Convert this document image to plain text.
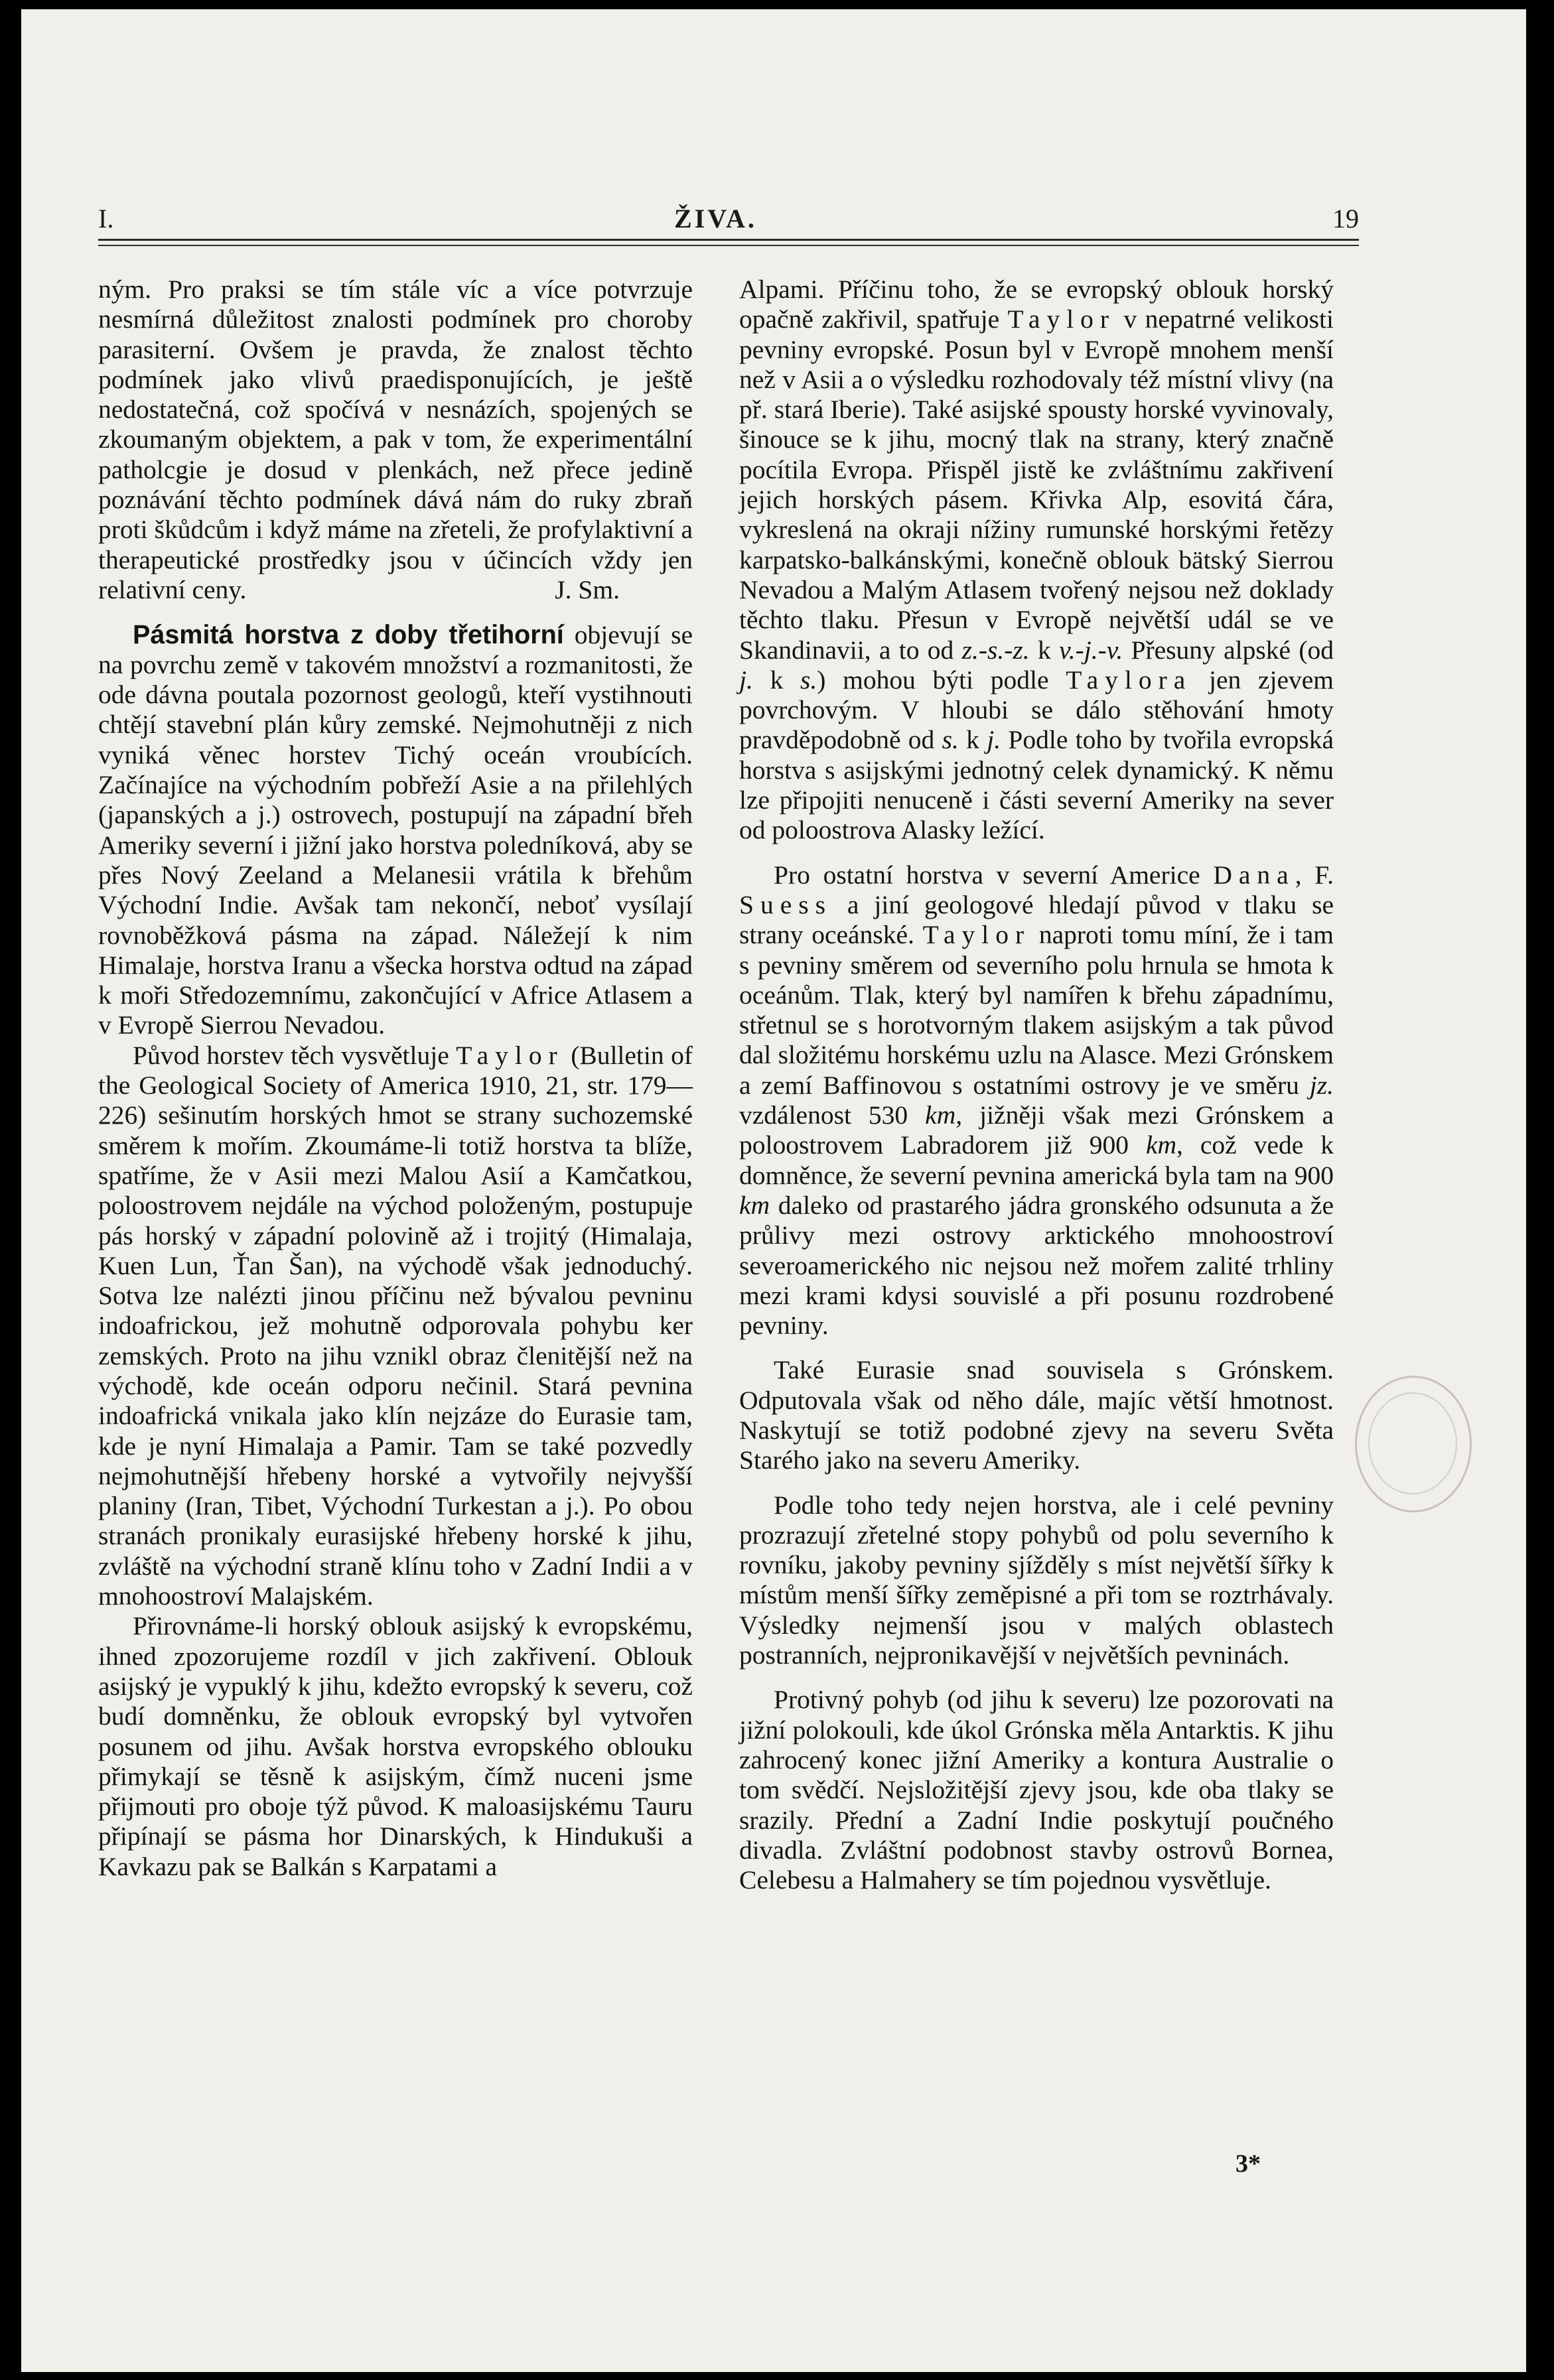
I.	ŽIVA.	19

ným. Pro praksi se tím stále víc a více potvrzuje nesmírná důležitost znalosti podmínek pro choroby parasiterní. Ovšem je pravda, že znalost těchto podmínek jako vlivů praedisponujících, je ještě nedostatečná, což spočívá v nesnázích, spojených se zkoumaným objektem, a pak v tom, že experimentální patholcgie je dosud v plenkách, než přece jedině poznávání těchto podmínek dává nám do ruky zbraň proti škůdcům i když máme na zřeteli, že profylaktivní a therapeutické prostředky jsou v účincích vždy jen relativní ceny.	J. Sm.

Pásmitá horstva z doby třetihorní objevují se na povrchu země v takovém množství a rozmanitosti, že ode dávna poutala pozornost geologů, kteří vystihnouti chtějí stavební plán kůry zemské. Nejmohutněji z nich vyniká věnec horstev Tichý oceán vroubících. Začínajíce na východním pobřeží Asie a na přilehlých (japanských a j.) ostrovech, postupují na západní břeh Ameriky severní i jižní jako horstva poledníková, aby se přes Nový Zeeland a Melanesii vrátila k břehům Východní Indie. Avšak tam nekončí, neboť vysílají rovnoběžková pásma na západ. Náležejí k nim Himalaje, horstva Iranu a všecka horstva odtud na západ k moři Středozemnímu, zakončující v Africe Atlasem a v Evropě Sierrou Nevadou.

Původ horstev těch vysvětluje Taylor (Bulletin of the Geological Society of America 1910, 21, str. 179—226) sešinutím horských hmot se strany suchozemské směrem k mořím. Zkoumáme-li totiž horstva ta blíže, spatříme, že v Asii mezi Malou Asií a Kamčatkou, poloostrovem nejdále na východ položeným, postupuje pás horský v západní polovině až i trojitý (Himalaja, Kuen Lun, Ťan Šan), na východě však jednoduchý. Sotva lze nalézti jinou příčinu než bývalou pevninu indoafrickou, jež mohutně odporovala pohybu ker zemských. Proto na jihu vznikl obraz členitější než na východě, kde oceán odporu nečinil. Stará pevnina indoafrická vnikala jako klín nejzáze do Eurasie tam, kde je nyní Himalaja a Pamir. Tam se také pozvedly nejmohutnější hřebeny horské a vytvořily nejvyšší planiny (Iran, Tibet, Východní Turkestan a j.). Po obou stranách pronikaly eurasijské hřebeny horské k jihu, zvláště na východní straně klínu toho v Zadní Indii a v mnohoostroví Malajském.

Přirovnáme-li horský oblouk asijský k evropskému, ihned zpozorujeme rozdíl v jich zakřivení. Oblouk asijský je vypuklý k jihu, kdežto evropský k severu, což budí domněnku, že oblouk evropský byl vytvořen posunem od jihu. Avšak horstva evropského oblouku přimykají se těsně k asijským, čímž nuceni jsme přijmouti pro oboje týž původ. K maloasijskému Tauru připínají se pásma hor Dinarských, k Hindukuši a Kavkazu pak se Balkán s Karpatami a

Alpami. Příčinu toho, že se evropský oblouk horský opačně zakřivil, spatřuje Taylor v nepatrné velikosti pevniny evropské. Posun byl v Evropě mnohem menší než v Asii a o výsledku rozhodovaly též místní vlivy (na př. stará Iberie). Také asijské spousty horské vyvinovaly, šinouce se k jihu, mocný tlak na strany, který značně pocítila Evropa. Přispěl jistě ke zvláštnímu zakřivení jejich horských pásem. Křivka Alp, esovitá čára, vykreslená na okraji nížiny rumunské horskými řetězy karpatsko-balkánskými, konečně oblouk bätský Sierrou Nevadou a Malým Atlasem tvořený nejsou než doklady těchto tlaku. Přesun v Evropě největší udál se ve Skandinavii, a to od z.-s.-z. k v.-j.-v. Přesuny alpské (od j. k s.) mohou býti podle Taylora jen zjevem povrchovým. V hloubi se dálo stěhování hmoty pravděpodobně od s. k j. Podle toho by tvořila evropská horstva s asijskými jednotný celek dynamický. K němu lze připojiti nenuceně i části severní Ameriky na sever od poloostrova Alasky ležící.

Pro ostatní horstva v severní Americe Dana, F. Suess a jiní geologové hledají původ v tlaku se strany oceánské. Taylor naproti tomu míní, že i tam s pevniny směrem od severního polu hrnula se hmota k oceánům. Tlak, který byl namířen k břehu západnímu, střetnul se s horotvorným tlakem asijským a tak původ dal složitému horskému uzlu na Alasce. Mezi Grónskem a zemí Baffinovou s ostatními ostrovy je ve směru jz. vzdálenost 530 km, jižněji však mezi Grónskem a poloostrovem Labradorem již 900 km, což vede k domněnce, že severní pevnina americká byla tam na 900 km daleko od prastarého jádra gronského odsunuta a že průlivy mezi ostrovy arktického mnohoostroví severoamerického nic nejsou než mořem zalité trhliny mezi krami kdysi souvislé a při posunu rozdrobené pevniny.

Také Eurasie snad souvisela s Grónskem. Odputovala však od něho dále, majíc větší hmotnost. Naskytují se totiž podobné zjevy na severu Světa Starého jako na severu Ameriky.

Podle toho tedy nejen horstva, ale i celé pevniny prozrazují zřetelné stopy pohybů od polu severního k rovníku, jakoby pevniny sjížděly s míst největší šířky k místům menší šířky zeměpisné a při tom se roztrhávaly. Výsledky nejmenší jsou v malých oblastech postranních, nejpronikavější v největších pevninách.

Protivný pohyb (od jihu k severu) lze pozorovati na jižní polokouli, kde úkol Grónska měla Antarktis. K jihu zahrocený konec jižní Ameriky a kontura Australie o tom svědčí. Nejsložitější zjevy jsou, kde oba tlaky se srazily. Přední a Zadní Indie poskytují poučného divadla. Zvláštní podobnost stavby ostrovů Bornea, Celebesu a Halmahery se tím pojednou vysvětluje.

3*
